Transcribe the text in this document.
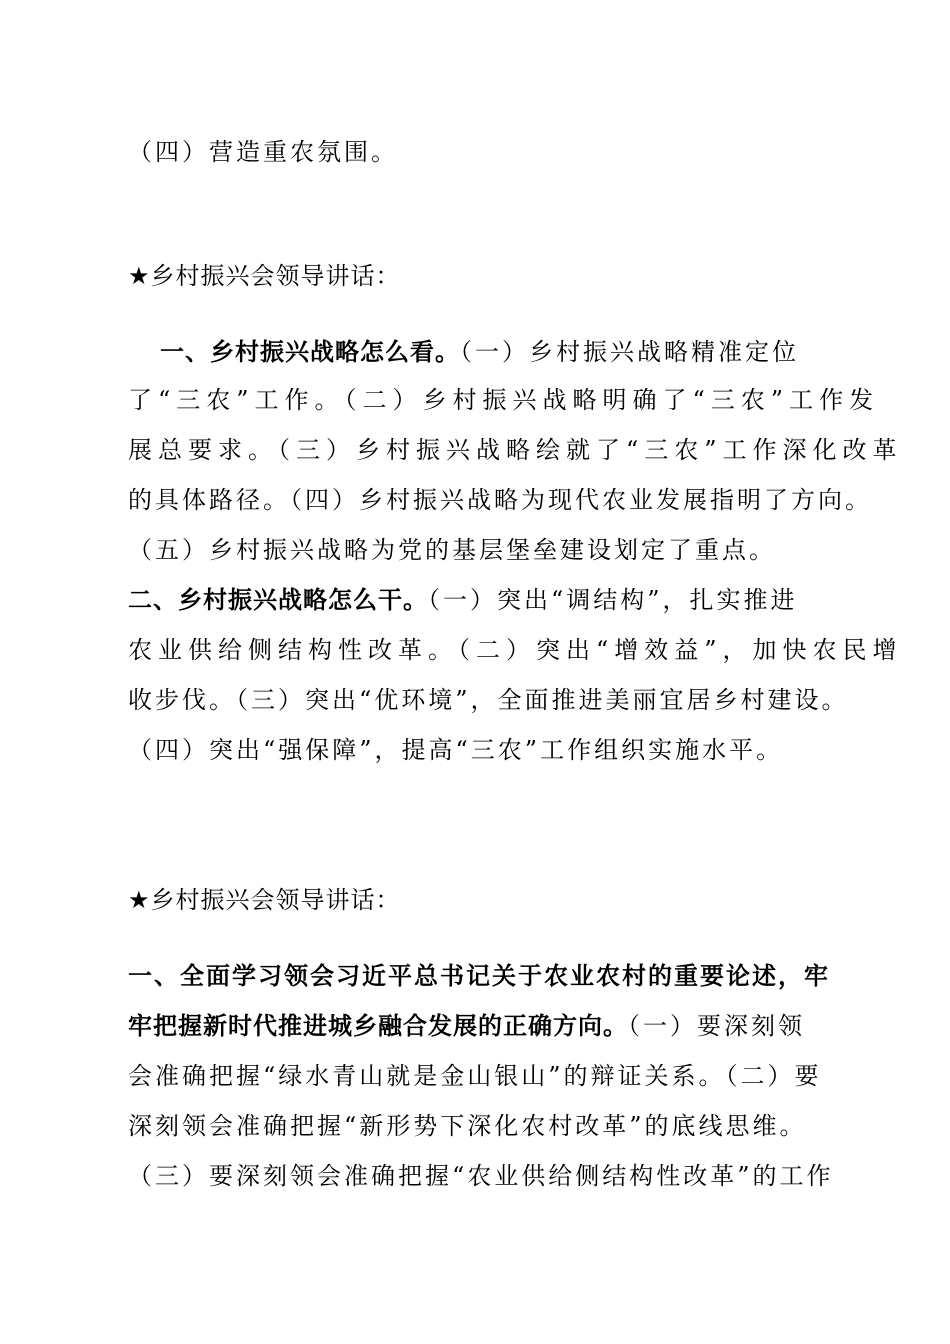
（四）营造重农氛围。
★乡村振兴会领导讲话：
一、乡村振兴战略怎么看。（一）乡村振兴战略精准定位
了“三农”工作。（二）乡村振兴战略明确了“三农”工作发
展总要求。（三）乡村振兴战略绘就了“三农”工作深化改革
的具体路径。（四）乡村振兴战略为现代农业发展指明了方向。
（五）乡村振兴战略为党的基层堡垒建设划定了重点。
二、乡村振兴战略怎么干。（一）突出“调结构”，扎实推进
农业供给侧结构性改革。（二）突出“增效益”，加快农民增
收步伐。（三）突出“优环境”，全面推进美丽宜居乡村建设。
（四）突出“强保障”，提高“三农”工作组织实施水平。
★乡村振兴会领导讲话：
一、全面学习领会习近平总书记关于农业农村的重要论述，牢
牢把握新时代推进城乡融合发展的正确方向。（一）要深刻领
会准确把握“绿水青山就是金山银山”的辩证关系。（二）要
深刻领会准确把握“新形势下深化农村改革”的底线思维。
（三）要深刻领会准确把握“农业供给侧结构性改革”的工作
